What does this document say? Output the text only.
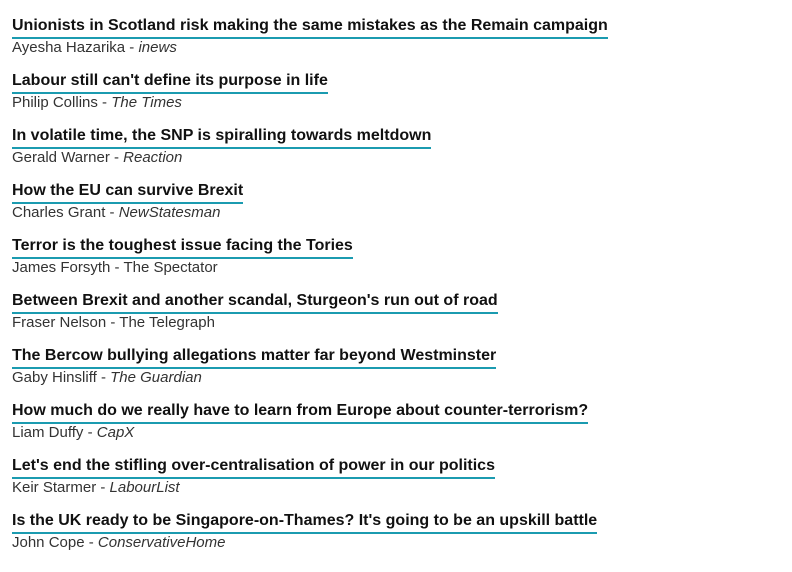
Unionists in Scotland risk making the same mistakes as the Remain campaign
Ayesha Hazarika - inews
Labour still can't define its purpose in life
Philip Collins - The Times
In volatile time, the SNP is spiralling towards meltdown
Gerald Warner - Reaction
How the EU can survive Brexit
Charles Grant - NewStatesman
Terror is the toughest issue facing the Tories
James Forsyth - The Spectator
Between Brexit and another scandal, Sturgeon's run out of road
Fraser Nelson - The Telegraph
The Bercow bullying allegations matter far beyond Westminster
Gaby Hinsliff - The Guardian
How much do we really have to learn from Europe about counter-terrorism?
Liam Duffy - CapX
Let's end the stifling over-centralisation of power in our politics
Keir Starmer - LabourList
Is the UK ready to be Singapore-on-Thames? It's going to be an upskill battle
John Cope - ConservativeHome
